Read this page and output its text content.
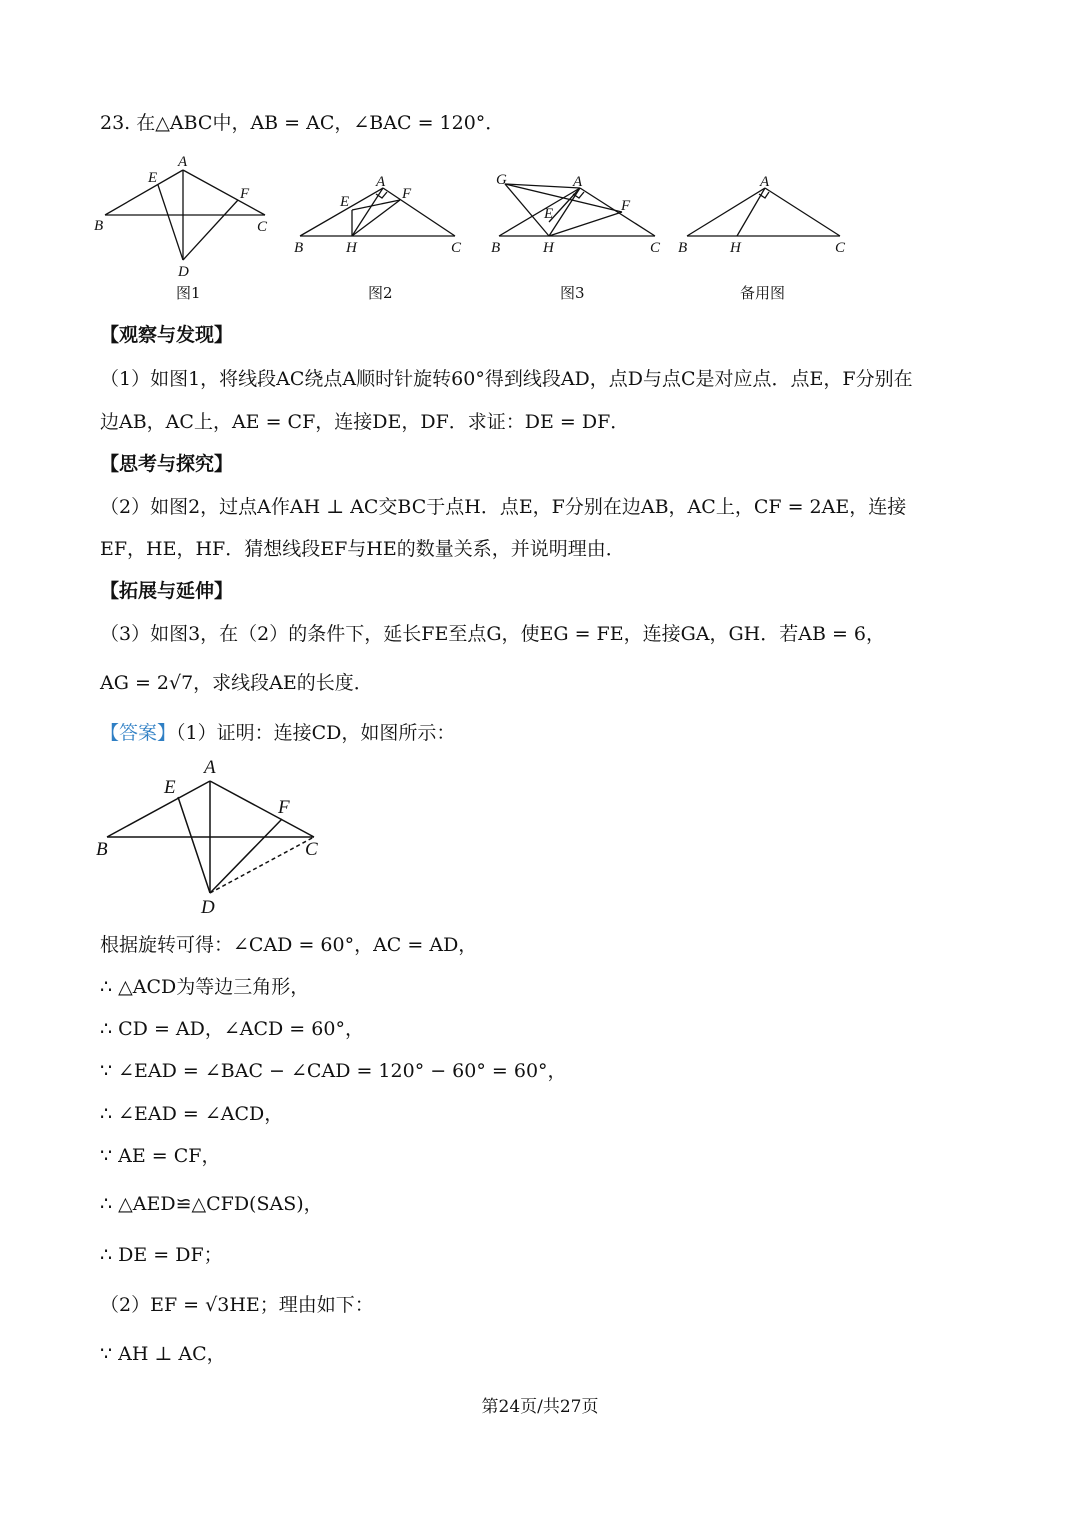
23. 在△ABC中，AB = AC，∠BAC = 120°．
A
B	C
D
E
F
图1
A
B	C
E	F
H
图2
G	A
B	C
E	F
H
图3
A
B	C
H
备用图
【观察与发现】
（1）如图1，将线段AC绕点A顺时针旋转60°得到线段AD，点D与点C是对应点．点E，F分别在
边AB，AC上，AE = CF，连接DE，DF．求证：DE = DF．
【思考与探究】
（2）如图2，过点A作AH ⊥ AC交BC于点H．点E，F分别在边AB，AC上，CF = 2AE，连接
EF，HE，HF．猜想线段EF与HE的数量关系，并说明理由．
【拓展与延伸】
（3）如图3，在（2）的条件下，延长FE至点G，使EG = FE，连接GA，GH．若AB = 6，
AG = 2√7，求线段AE的长度．
【答案】（1）证明：连接CD，如图所示：
A
B	C
D
E
F
根据旋转可得：∠CAD = 60°，AC = AD，
∴ △ACD为等边三角形，
∴ CD = AD，∠ACD = 60°，
∵ ∠EAD = ∠BAC − ∠CAD = 120° − 60° = 60°，
∴ ∠EAD = ∠ACD，
∵ AE = CF，
∴ △AED≌△CFD(SAS)，
∴ DE = DF；
（2）EF = √3HE；理由如下：
∵ AH ⊥ AC，
第24页/共27页
